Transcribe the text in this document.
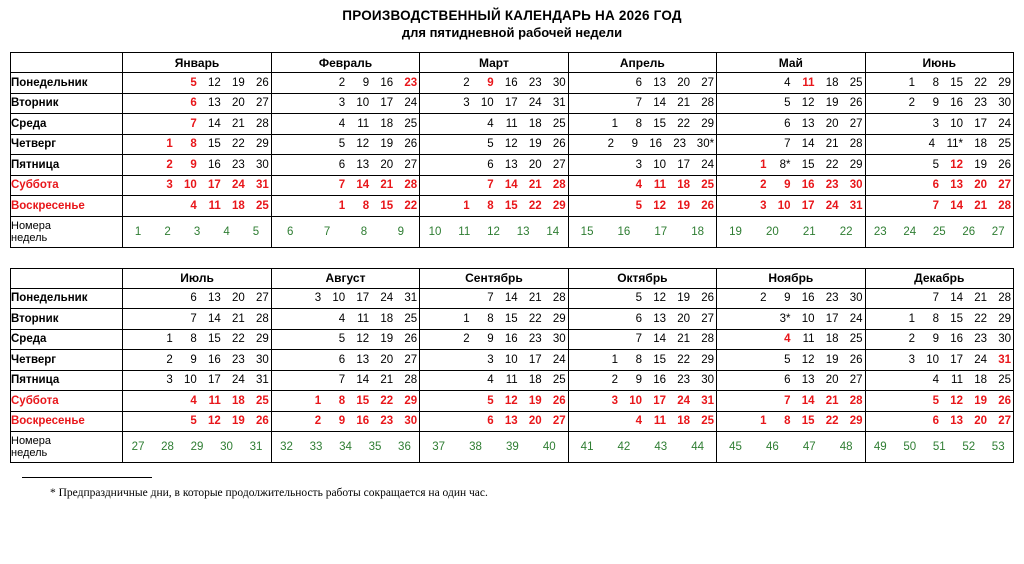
ПРОИЗВОДСТВЕННЫЙ КАЛЕНДАРЬ НА 2026 ГОД
для пятидневной рабочей недели
	Январь	Февраль	Март	Апрель	Май	Июнь
Понедельник	5 12 19 26	2 9 16 23	2 9 16 23 30	6 13 20 27	4 11 18 25	1 8 15 22 29

Вторник	6 13 20 27	3 10 17 24	3 10 17 24 31	7 14 21 28	5 12 19 26	2 9 16 23 30

Среда	7 14 21 28	4 11 18 25	4 11 18 25	1 8 15 22 29	6 13 20 27	3 10 17 24

Четверг	1 8 15 22 29	5 12 19 26	5 12 19 26	2 9 16 23 30*	7 14 21 28	4 11* 18 25

Пятница	2 9 16 23 30	6 13 20 27	6 13 20 27	3 10 17 24	1 8* 15 22 29	5 12 19 26

Суббота	3 10 17 24 31	7 14 21 28	7 14 21 28	4 11 18 25	2 9 16 23 30	6 13 20 27

Воскресенье	4 11 18 25	1 8 15 22	1 8 15 22 29	5 12 19 26	3 10 17 24 31	7 14 21 28

Номера
недель	1 2 3 4 5	6 7 8 9	10 11 12 13 14	15 16 17 18	19 20 21 22	23 24 25 26 27
	Июль	Август	Сентябрь	Октябрь	Ноябрь	Декабрь
Понедельник	6 13 20 27	3 10 17 24 31	7 14 21 28	5 12 19 26	2 9 16 23 30	7 14 21 28

Вторник	7 14 21 28	4 11 18 25	1 8 15 22 29	6 13 20 27	3* 10 17 24	1 8 15 22 29

Среда	1 8 15 22 29	5 12 19 26	2 9 16 23 30	7 14 21 28	4 11 18 25	2 9 16 23 30

Четверг	2 9 16 23 30	6 13 20 27	3 10 17 24	1 8 15 22 29	5 12 19 26	3 10 17 24 31

Пятница	3 10 17 24 31	7 14 21 28	4 11 18 25	2 9 16 23 30	6 13 20 27	4 11 18 25

Суббота	4 11 18 25	1 8 15 22 29	5 12 19 26	3 10 17 24 31	7 14 21 28	5 12 19 26

Воскресенье	5 12 19 26	2 9 16 23 30	6 13 20 27	4 11 18 25	1 8 15 22 29	6 13 20 27

Номера
недель	27 28 29 30 31	32 33 34 35 36	37 38 39 40	41 42 43 44	45 46 47 48	49 50 51 52 53
* Предпраздничные дни, в которые продолжительность работы сокращается на один час.
